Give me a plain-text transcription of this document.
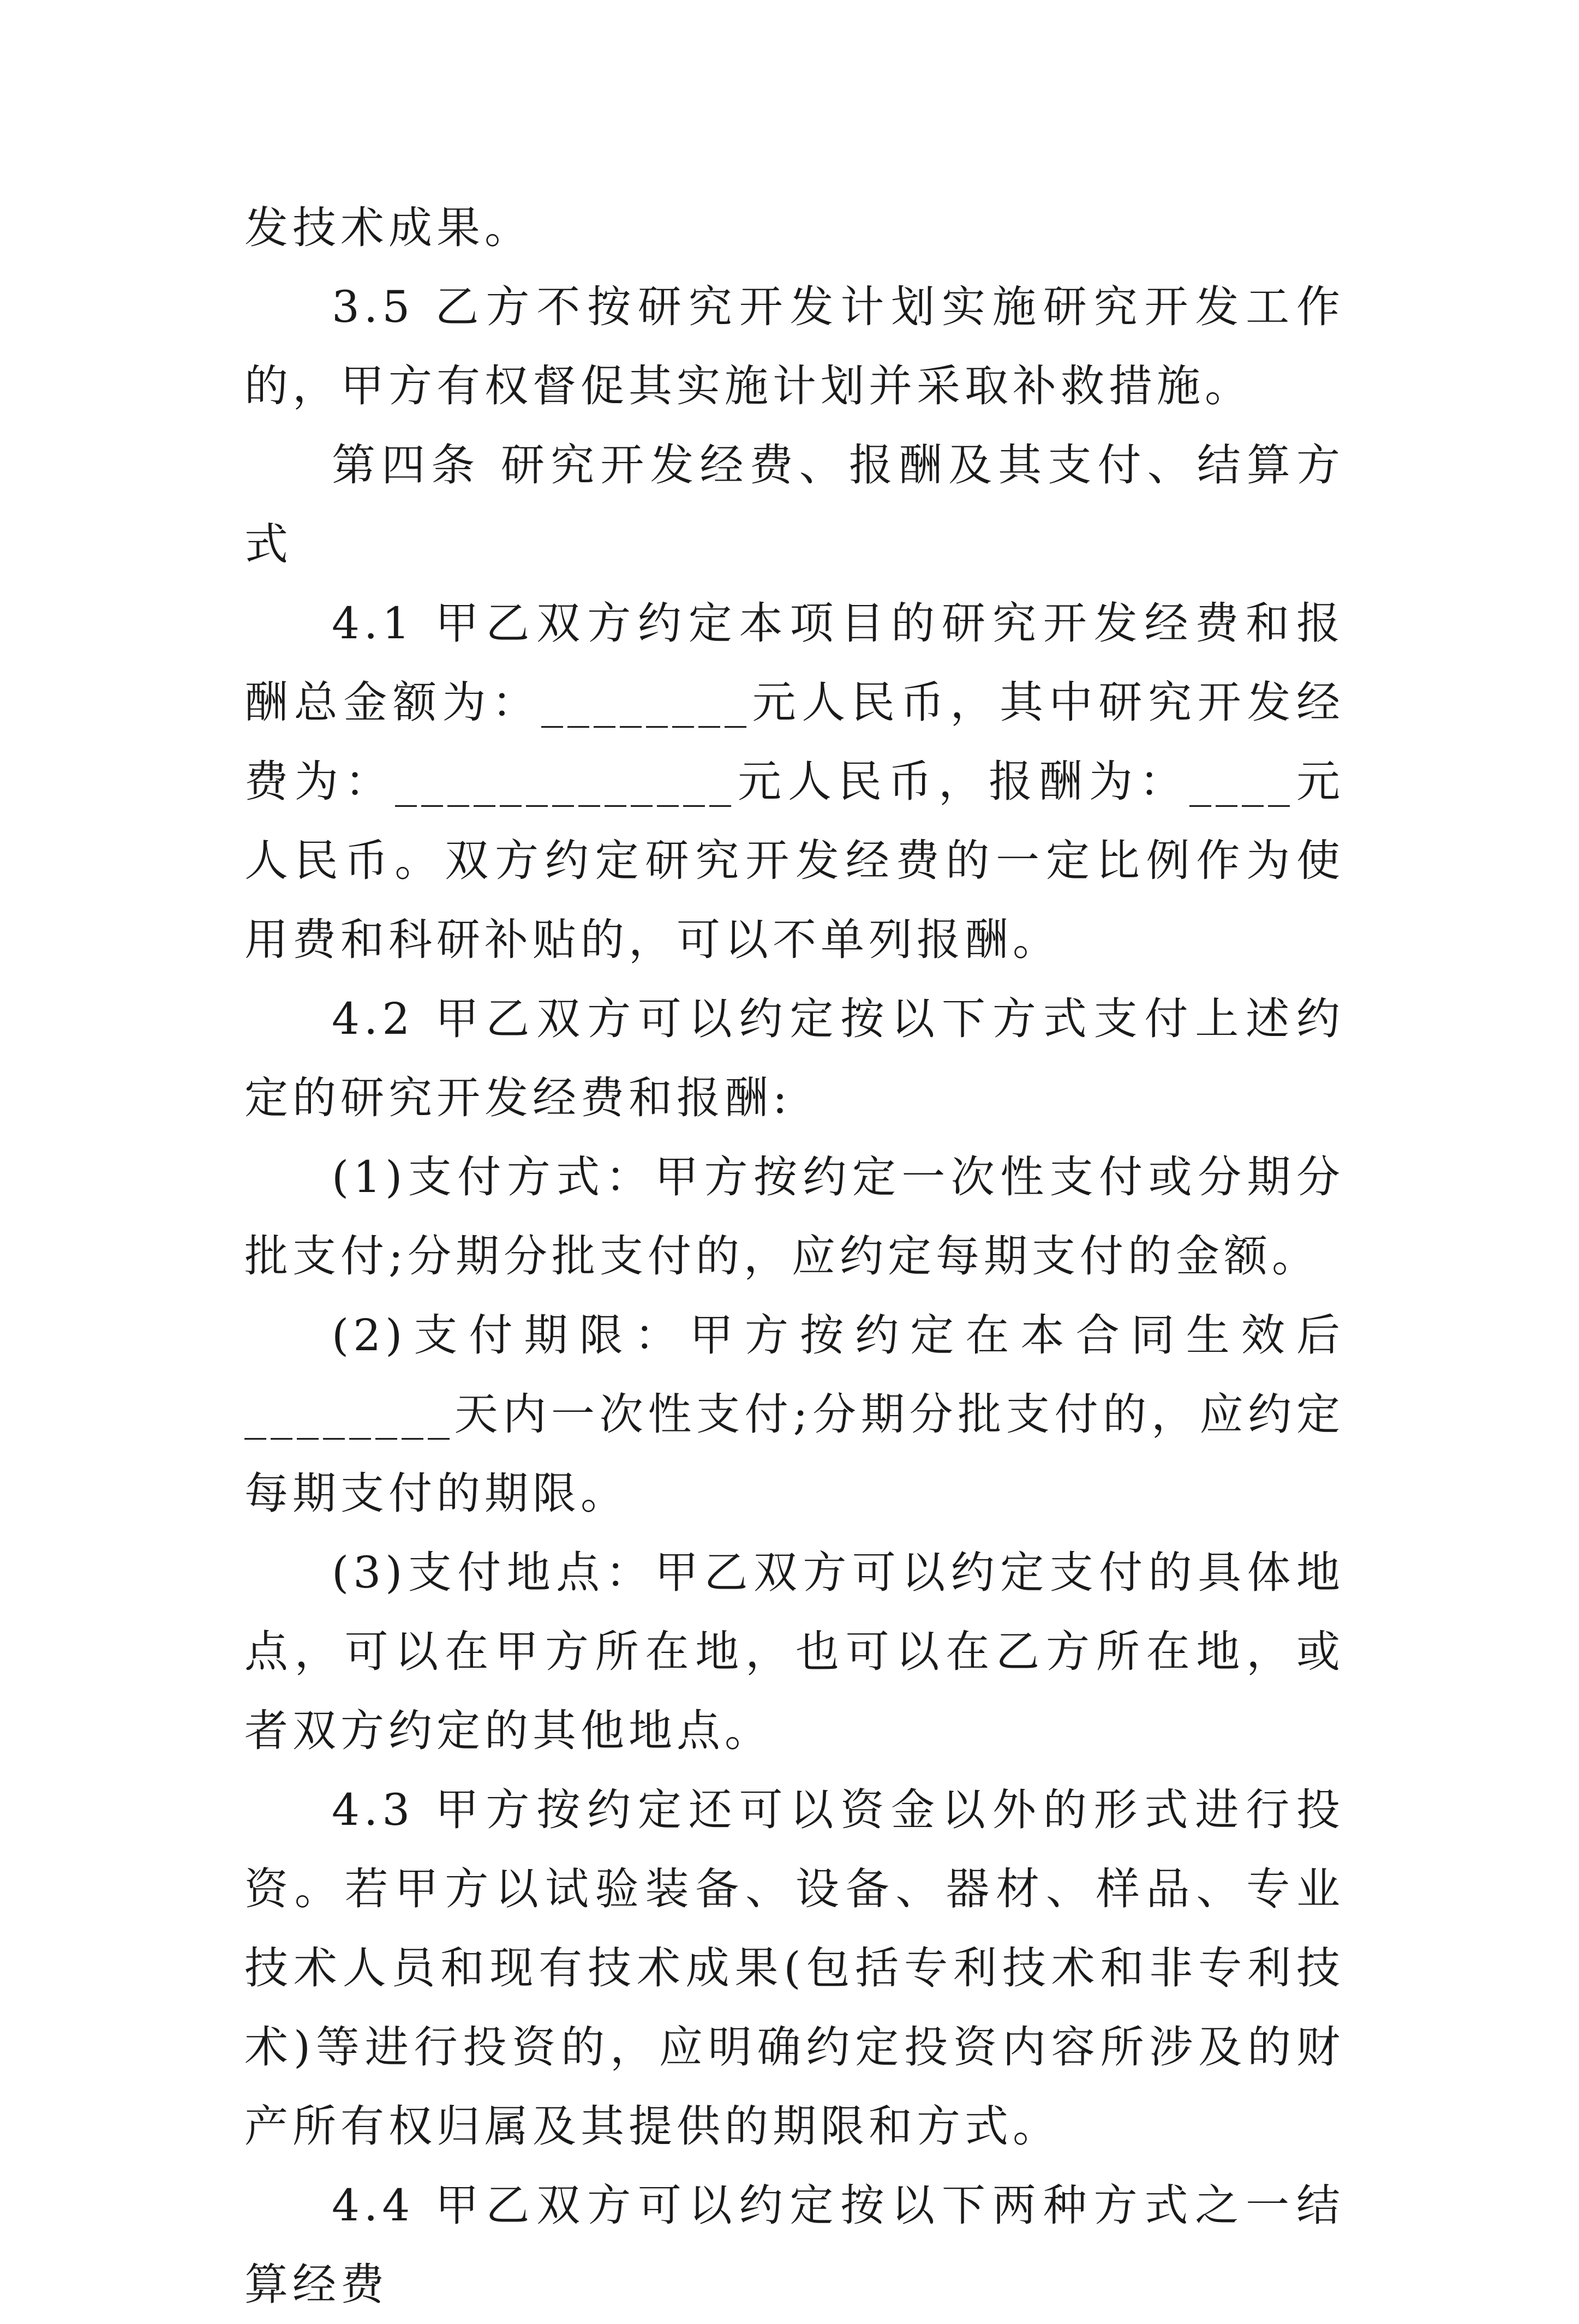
发技术成果。

3.5 乙方不按研究开发计划实施研究开发工作的，甲方有权督促其实施计划并采取补救措施。

第四条 研究开发经费、报酬及其支付、结算方式

4.1 甲乙双方约定本项目的研究开发经费和报酬总金额为：________元人民币，其中研究开发经费为：_____________元人民币，报酬为：____元人民币。双方约定研究开发经费的一定比例作为使用费和科研补贴的，可以不单列报酬。

4.2 甲乙双方可以约定按以下方式支付上述约定的研究开发经费和报酬:

(1)支付方式：甲方按约定一次性支付或分期分批支付;分期分批支付的，应约定每期支付的金额。

(2)支付期限：甲方按约定在本合同生效后________天内一次性支付;分期分批支付的，应约定每期支付的期限。

(3)支付地点：甲乙双方可以约定支付的具体地点，可以在甲方所在地，也可以在乙方所在地，或者双方约定的其他地点。

4.3 甲方按约定还可以资金以外的形式进行投资。若甲方以试验装备、设备、器材、样品、专业技术人员和现有技术成果(包括专利技术和非专利技术)等进行投资的，应明确约定投资内容所涉及的财产所有权归属及其提供的期限和方式。

4.4 甲乙双方可以约定按以下两种方式之一结算经费
